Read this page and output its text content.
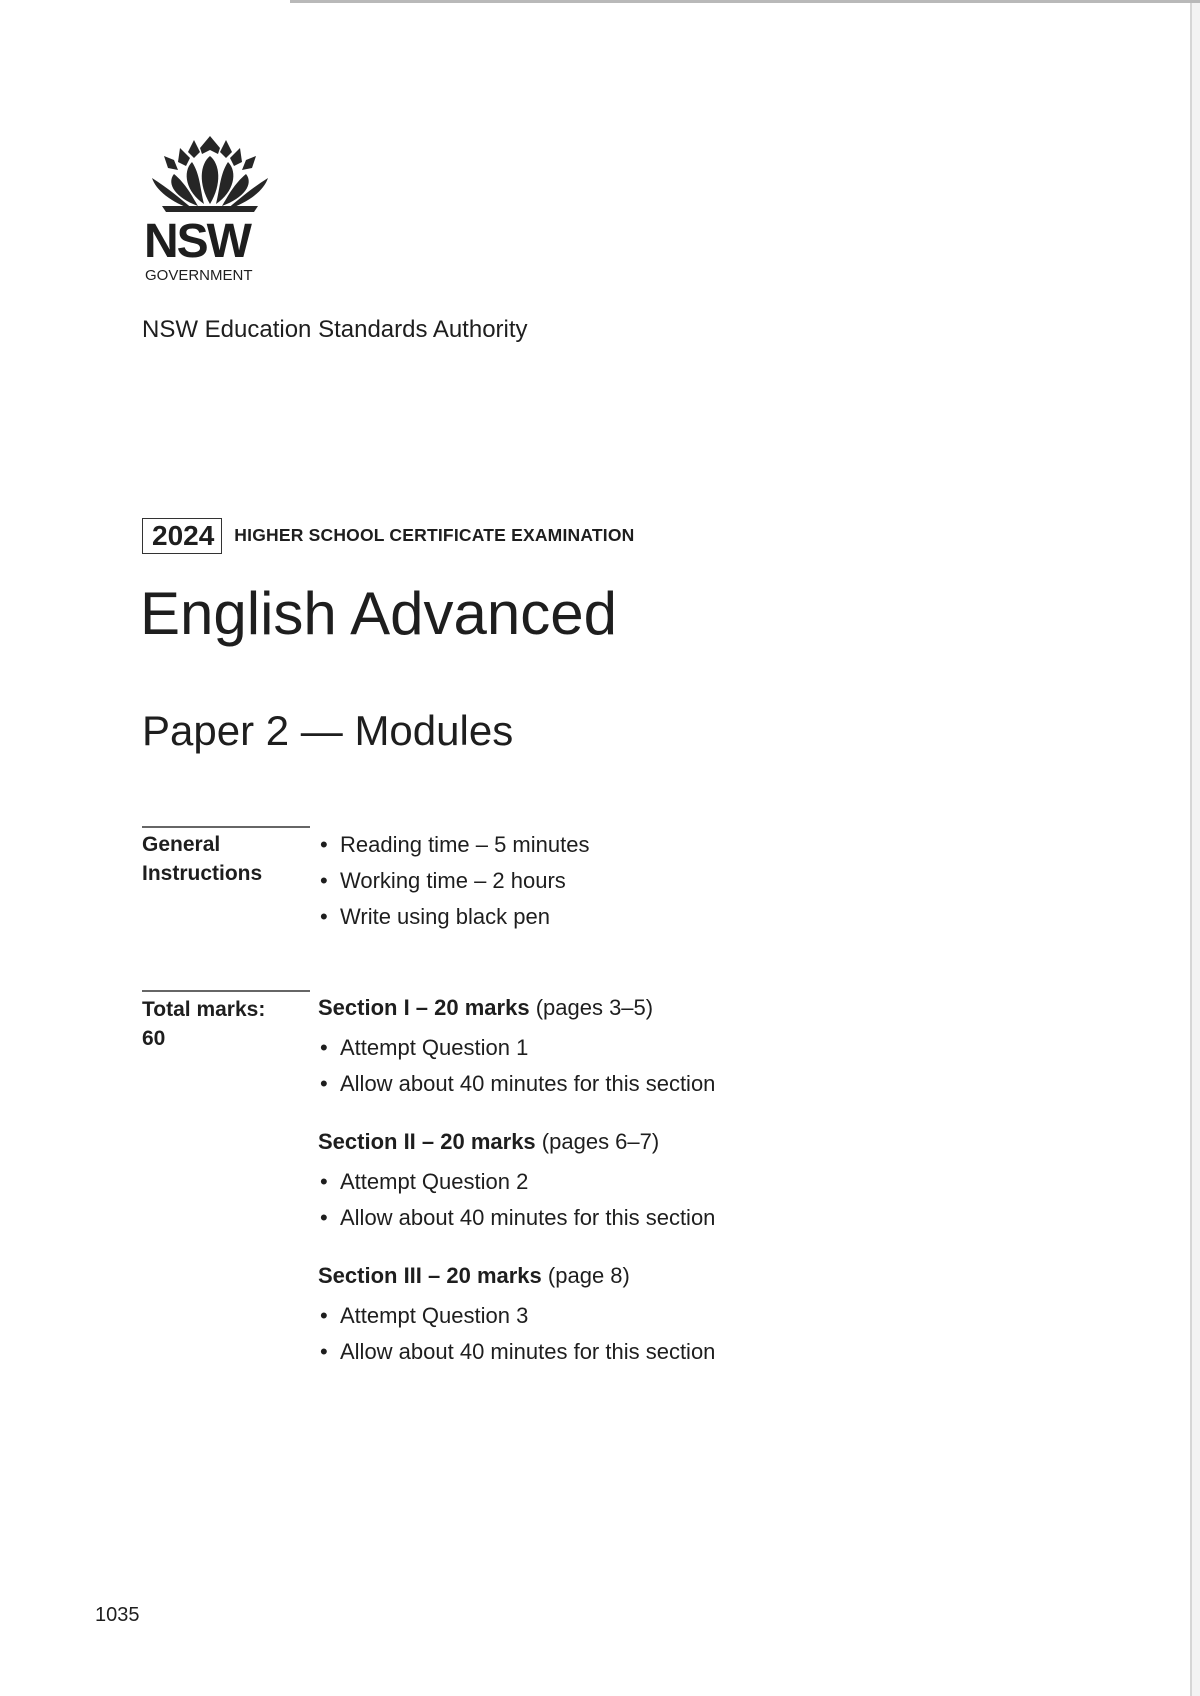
NSW
GOVERNMENT
NSW Education Standards Authority
2024	HIGHER SCHOOL CERTIFICATE EXAMINATION
English Advanced
Paper 2 — Modules
General
Instructions
• Reading time – 5 minutes
• Working time – 2 hours
• Write using black pen
Total marks:
60
Section I – 20 marks (pages 3–5)
• Attempt Question 1
• Allow about 40 minutes for this section
Section II – 20 marks (pages 6–7)
• Attempt Question 2
• Allow about 40 minutes for this section
Section III – 20 marks (page 8)
• Attempt Question 3
• Allow about 40 minutes for this section
1035
